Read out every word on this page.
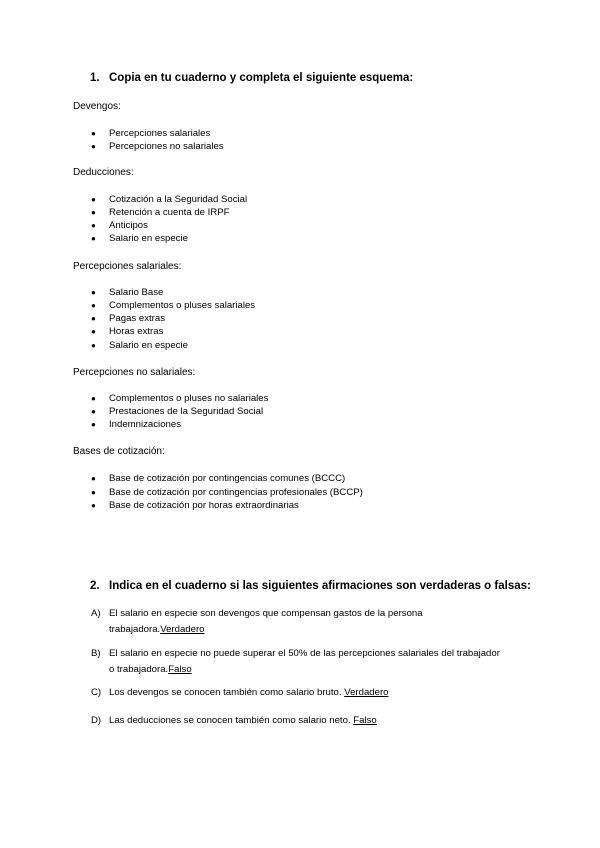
1. Copia en tu cuaderno y completa el siguiente esquema:
Devengos:
● Percepciones salariales
● Percepciones no salariales
Deducciones:
● Cotización a la Seguridad Social
● Retención a cuenta de IRPF
● Anticipos
● Salario en especie
Percepciones salariales:
● Salario Base
● Complementos o pluses salariales
● Pagas extras
● Horas extras
● Salario en especie
Percepciones no salariales:
● Complementos o pluses no salariales
● Prestaciones de la Seguridad Social
● Indemnizaciones
Bases de cotización:
● Base de cotización por contingencias comunes (BCCC)
● Base de cotización por contingencias profesionales (BCCP)
● Base de cotización por horas extraordinarias
2. Indica en el cuaderno si las siguientes afirmaciones son verdaderas o falsas:
A) El salario en especie son devengos que compensan gastos de la persona
trabajadora.Verdadero
B) El salario en especie no puede superar el 50% de las percepciones salariales del trabajador
o trabajadora.Falso
C) Los devengos se conocen también como salario bruto. Verdadero
D) Las deducciones se conocen también como salario neto. Falso
